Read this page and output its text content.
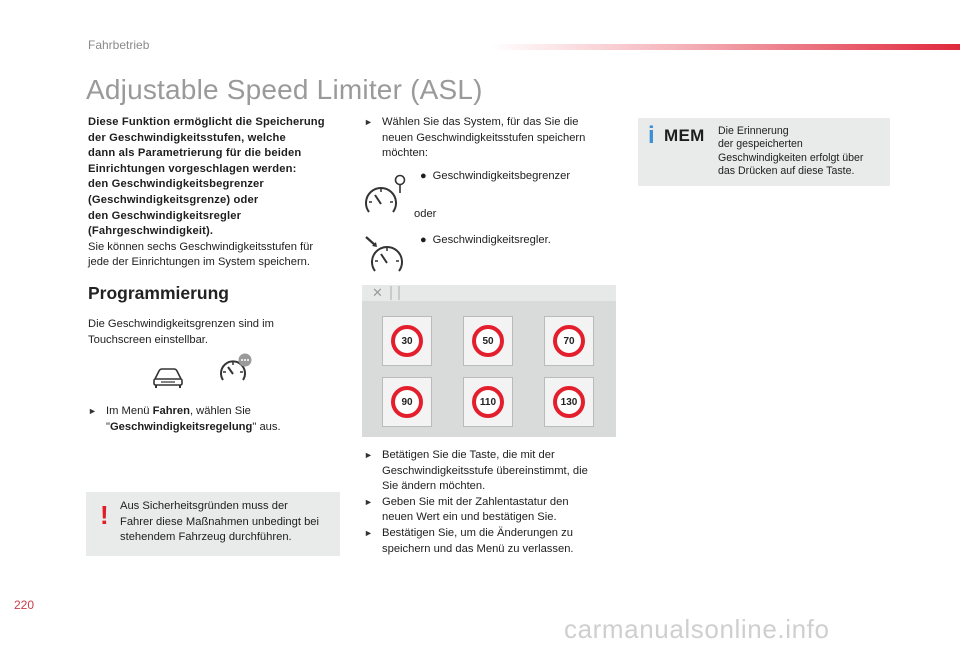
Fahrbetrieb
Adjustable Speed Limiter (ASL)
Diese Funktion ermöglicht die Speicherung
der Geschwindigkeitsstufen, welche
dann als Parametrierung für die beiden
Einrichtungen vorgeschlagen werden:
den Geschwindigkeitsbegrenzer
(Geschwindigkeitsgrenze) oder
den Geschwindigkeitsregler
(Fahrgeschwindigkeit).
Sie können sechs Geschwindigkeitsstufen für
jede der Einrichtungen im System speichern.
Programmierung
Die Geschwindigkeitsgrenzen sind im
Touchscreen einstellbar.
► Im Menü Fahren, wählen Sie
"Geschwindigkeitsregelung" aus.
! Aus Sicherheitsgründen muss der
Fahrer diese Maßnahmen unbedingt bei
stehendem Fahrzeug durchführen.
► Wählen Sie das System, für das Sie die
neuen Geschwindigkeitsstufen speichern
möchten:
● Geschwindigkeitsbegrenzer
oder
● Geschwindigkeitsregler.
✕
30	50	70
90	110	130
► Betätigen Sie die Taste, die mit der
Geschwindigkeitsstufe übereinstimmt, die
Sie ändern möchten.
► Geben Sie mit der Zahlentastatur den
neuen Wert ein und bestätigen Sie.
► Bestätigen Sie, um die Änderungen zu
speichern und das Menü zu verlassen.
i MEM Die Erinnerung
der gespeicherten
Geschwindigkeiten erfolgt über
das Drücken auf diese Taste.
220
carmanualsonline.info
